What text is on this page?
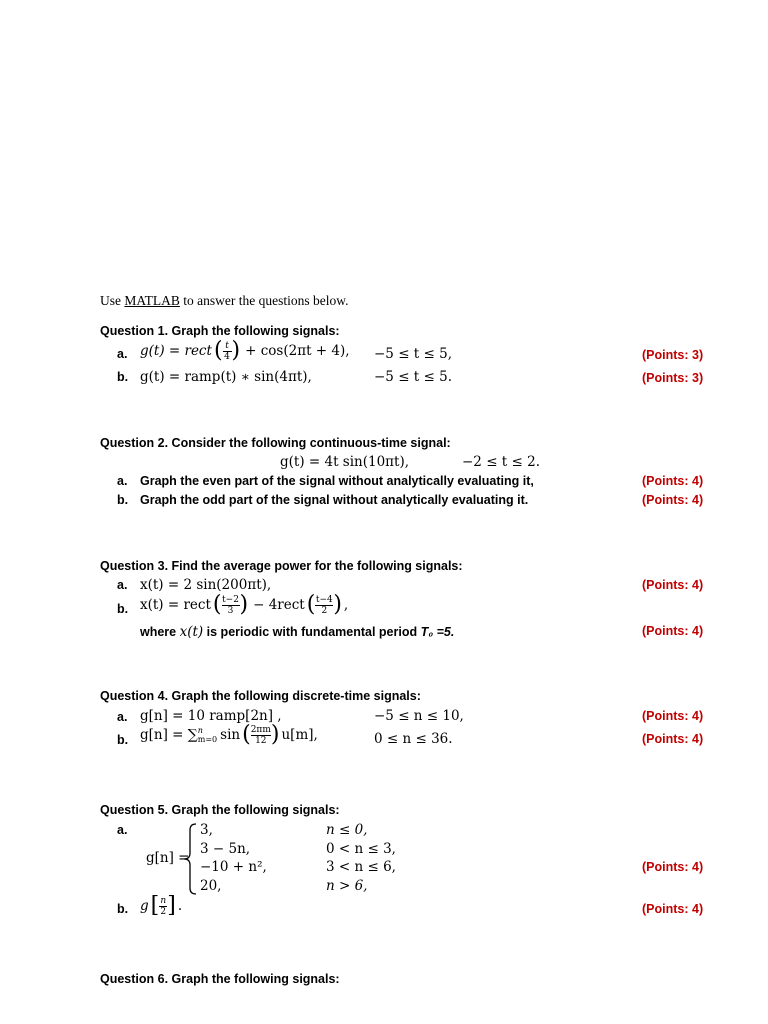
Use MATLAB to answer the questions below.
Question 1. Graph the following signals:
a. g(t) = rect ( t
4 ) + cos(2πt + 4), −5 ≤ t ≤ 5,	(Points: 3)
b. g(t) = ramp(t) ∗ sin(4πt),	−5 ≤ t ≤ 5.	(Points: 3)
Question 2. Consider the following continuous-time signal:
g(t) = 4t sin(10πt),	−2 ≤ t ≤ 2.
a. Graph the even part of the signal without analytically evaluating it,	(Points: 4)
b. Graph the odd part of the signal without analytically evaluating it.	(Points: 4)
Question 3. Find the average power for the following signals:
a. x(t) = 2 sin(200πt),	(Points: 4)
b. x(t) = rect ( t−2
3 ) − 4rect ( t−4
2 ) ,
where x(t) is periodic with fundamental period T₀ =5.	(Points: 4)
Question 4. Graph the following discrete-time signals:
a. g[n] = 10 ramp[2n] ,	−5 ≤ n ≤ 10,	(Points: 4)
b. g[n] = ∑ n
m=0 sin ( 2πm
12 ) u[m],	0 ≤ n ≤ 36.	(Points: 4)
Question 5. Graph the following signals:
a.
g[n] =
3,	n ≤ 0,
3 − 5n,	0 < n ≤ 3,
−10 + n²,	3 < n ≤ 6,	(Points: 4)
20,	n > 6,
b. g [ n
2 ] .	(Points: 4)
Question 6. Graph the following signals:
